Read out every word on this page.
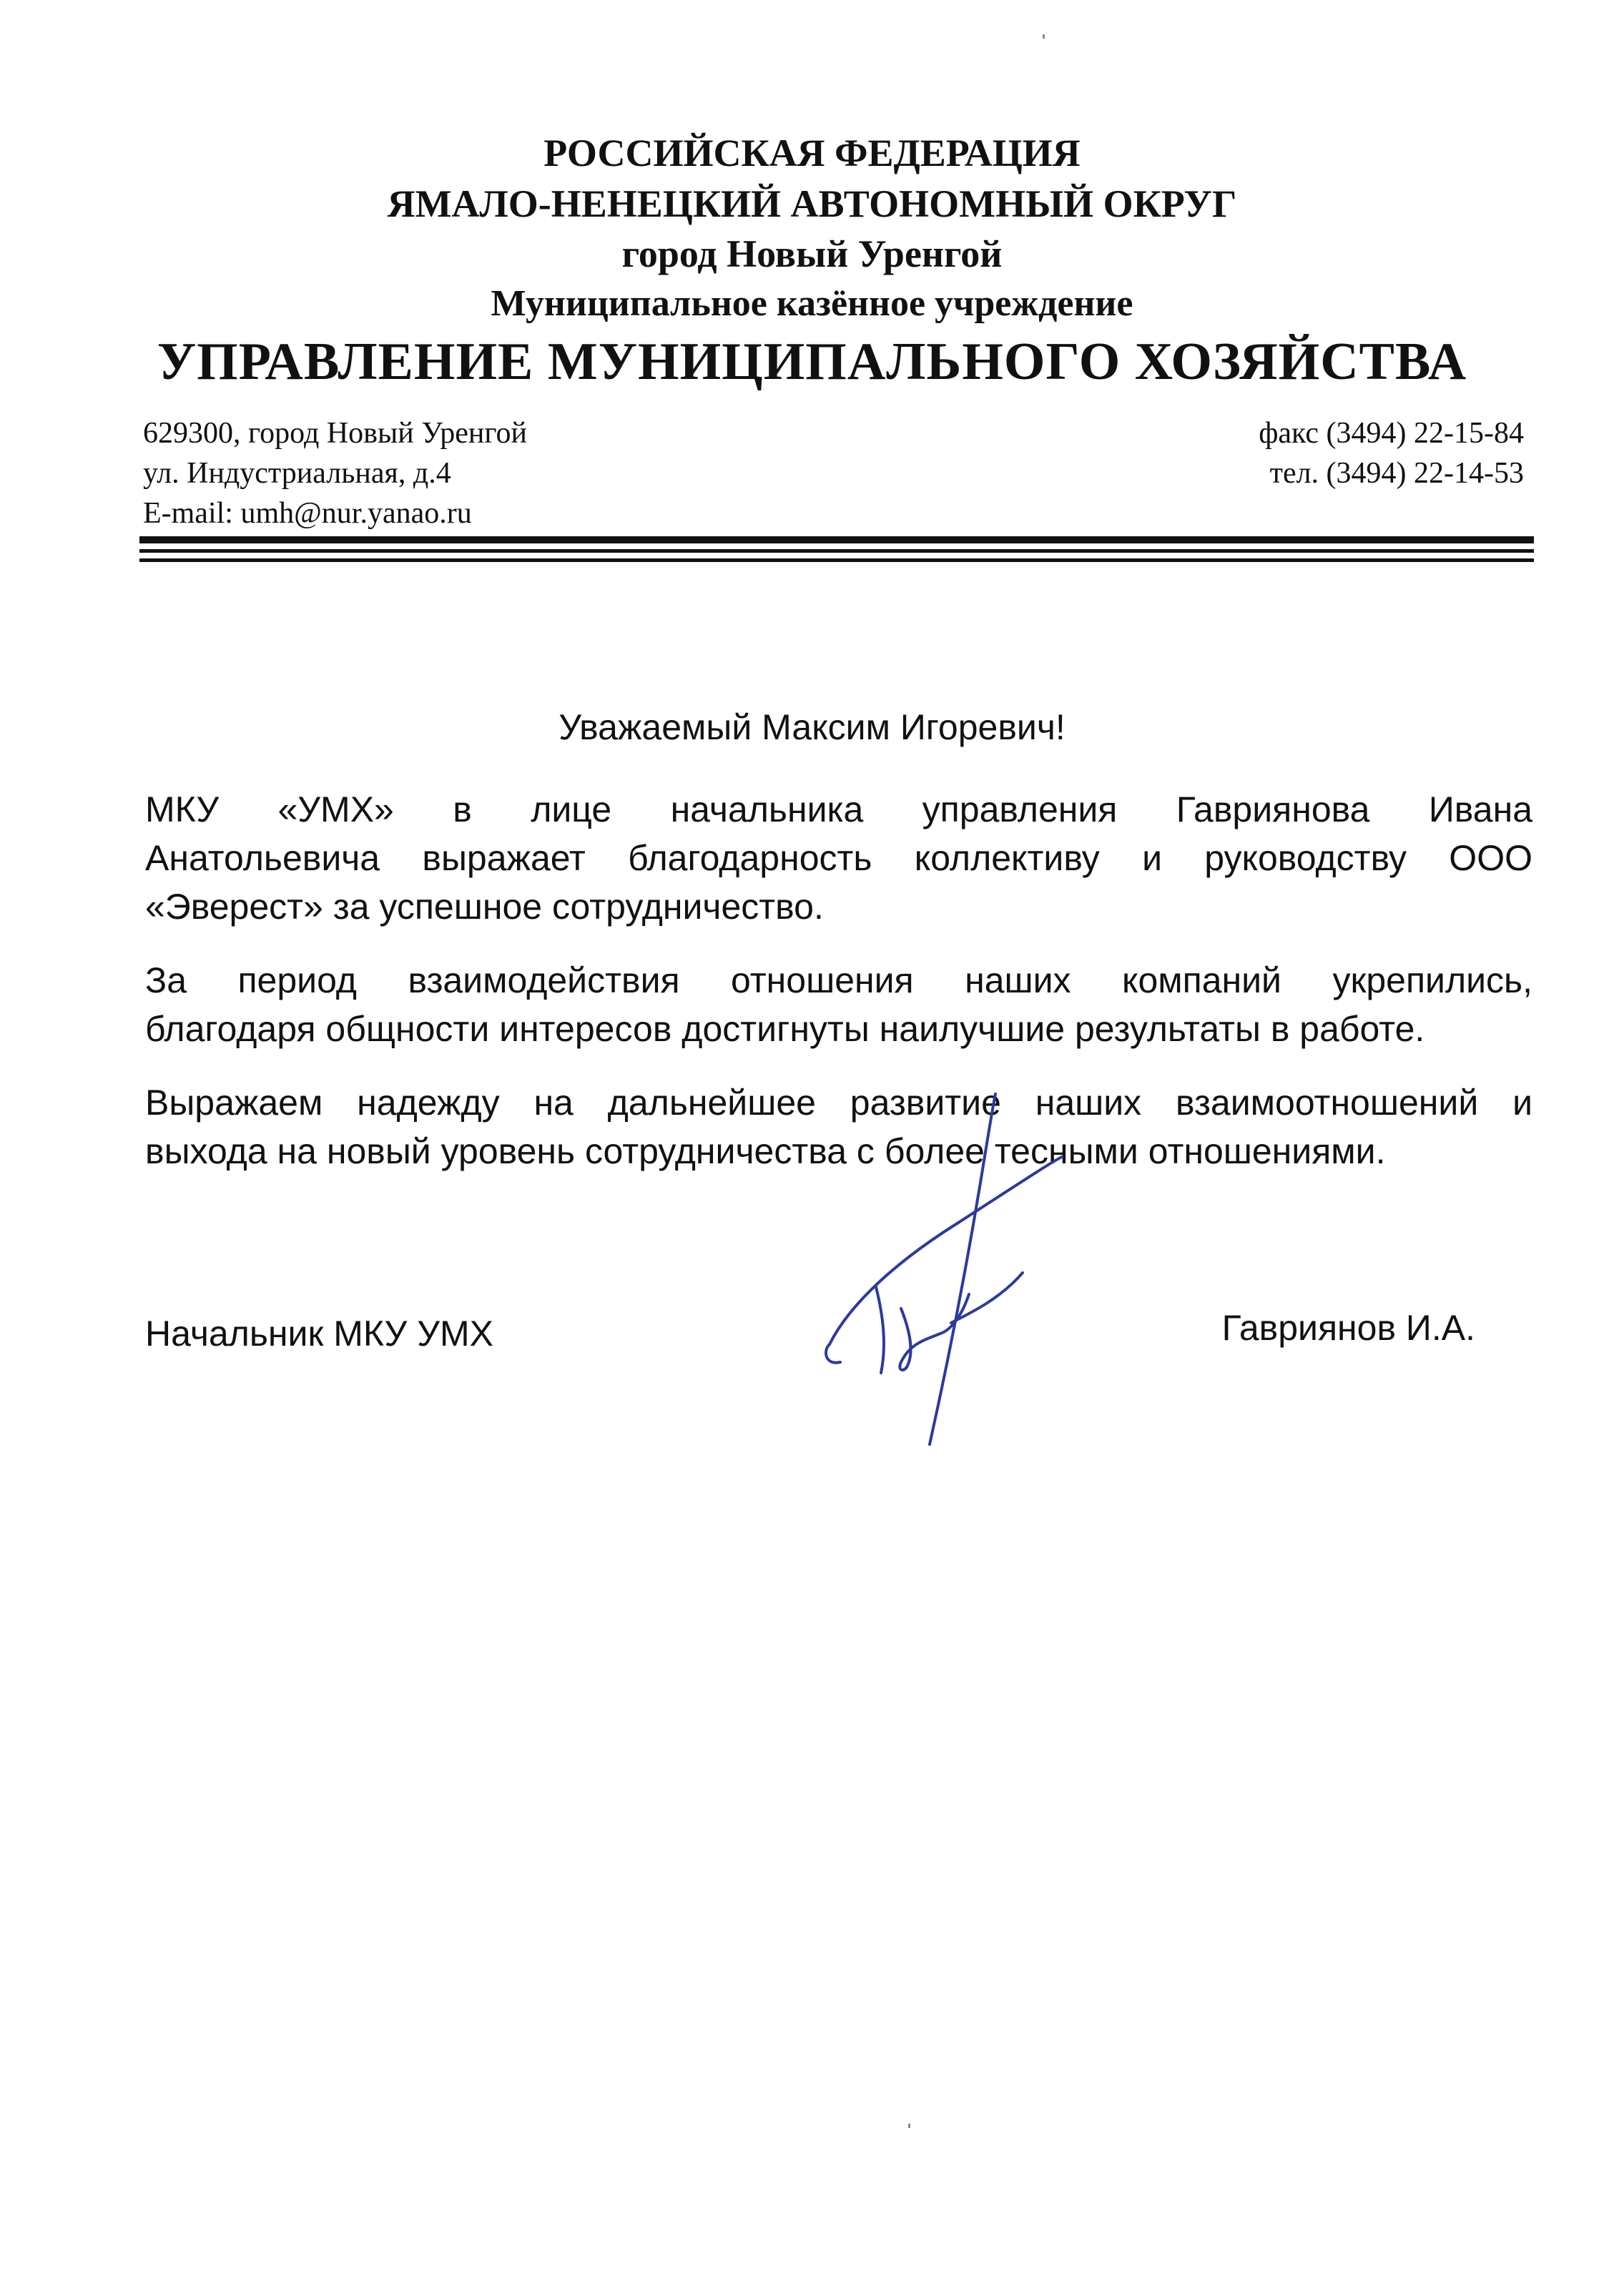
РОССИЙСКАЯ ФЕДЕРАЦИЯ
ЯМАЛО-НЕНЕЦКИЙ АВТОНОМНЫЙ ОКРУГ
город Новый Уренгой
Муниципальное казённое учреждение
УПРАВЛЕНИЕ МУНИЦИПАЛЬНОГО ХОЗЯЙСТВА
629300, город Новый Уренгой
ул. Индустриальная, д.4
E-mail: umh@nur.yanao.ru
факс (3494) 22-15-84
тел. (3494) 22-14-53
Уважаемый Максим Игоревич!
МКУ «УМХ» в лице начальника управления Гавриянова Ивана
Анатольевича выражает благодарность коллективу и руководству ООО
«Эверест» за успешное сотрудничество.
За период взаимодействия отношения наших компаний укрепились,
благодаря общности интересов достигнуты наилучшие результаты в работе.
Выражаем надежду на дальнейшее развитие наших взаимоотношений и
выхода на новый уровень сотрудничества с более тесными отношениями.
Начальник МКУ УМХ	Гавриянов И.А.
